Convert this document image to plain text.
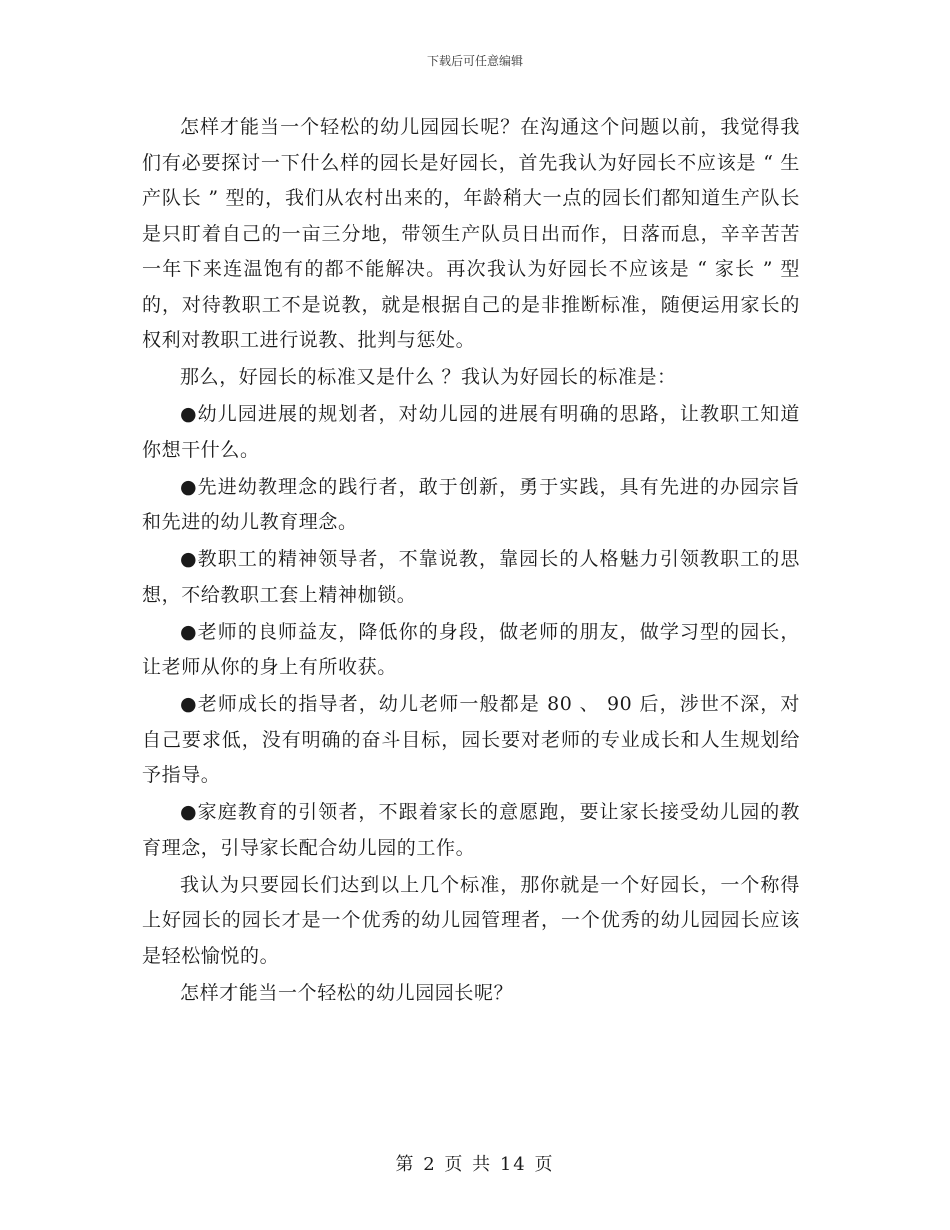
下载后可任意编辑

怎样才能当一个轻松的幼儿园园长呢？在沟通这个问题以前，我觉得我们有必要探讨一下什么样的园长是好园长，首先我认为好园长不应该是 “ 生产队长 ” 型的，我们从农村出来的，年龄稍大一点的园长们都知道生产队长是只盯着自己的一亩三分地，带领生产队员日出而作，日落而息，辛辛苦苦一年下来连温饱有的都不能解决。再次我认为好园长不应该是 “ 家长 ” 型的，对待教职工不是说教，就是根据自己的是非推断标准，随便运用家长的权利对教职工进行说教、批判与惩处。

那么，好园长的标准又是什么 ？我认为好园长的标准是：

●幼儿园进展的规划者，对幼儿园的进展有明确的思路，让教职工知道你想干什么。

●先进幼教理念的践行者，敢于创新，勇于实践，具有先进的办园宗旨和先进的幼儿教育理念。

●教职工的精神领导者，不靠说教，靠园长的人格魅力引领教职工的思想，不给教职工套上精神枷锁。

●老师的良师益友，降低你的身段，做老师的朋友，做学习型的园长，让老师从你的身上有所收获。

●老师成长的指导者，幼儿老师一般都是 80 、 90 后，涉世不深，对自己要求低，没有明确的奋斗目标，园长要对老师的专业成长和人生规划给予指导。

●家庭教育的引领者，不跟着家长的意愿跑，要让家长接受幼儿园的教育理念，引导家长配合幼儿园的工作。

我认为只要园长们达到以上几个标准，那你就是一个好园长，一个称得上好园长的园长才是一个优秀的幼儿园管理者，一个优秀的幼儿园园长应该是轻松愉悦的。

怎样才能当一个轻松的幼儿园园长呢？

第 2 页 共 14 页
